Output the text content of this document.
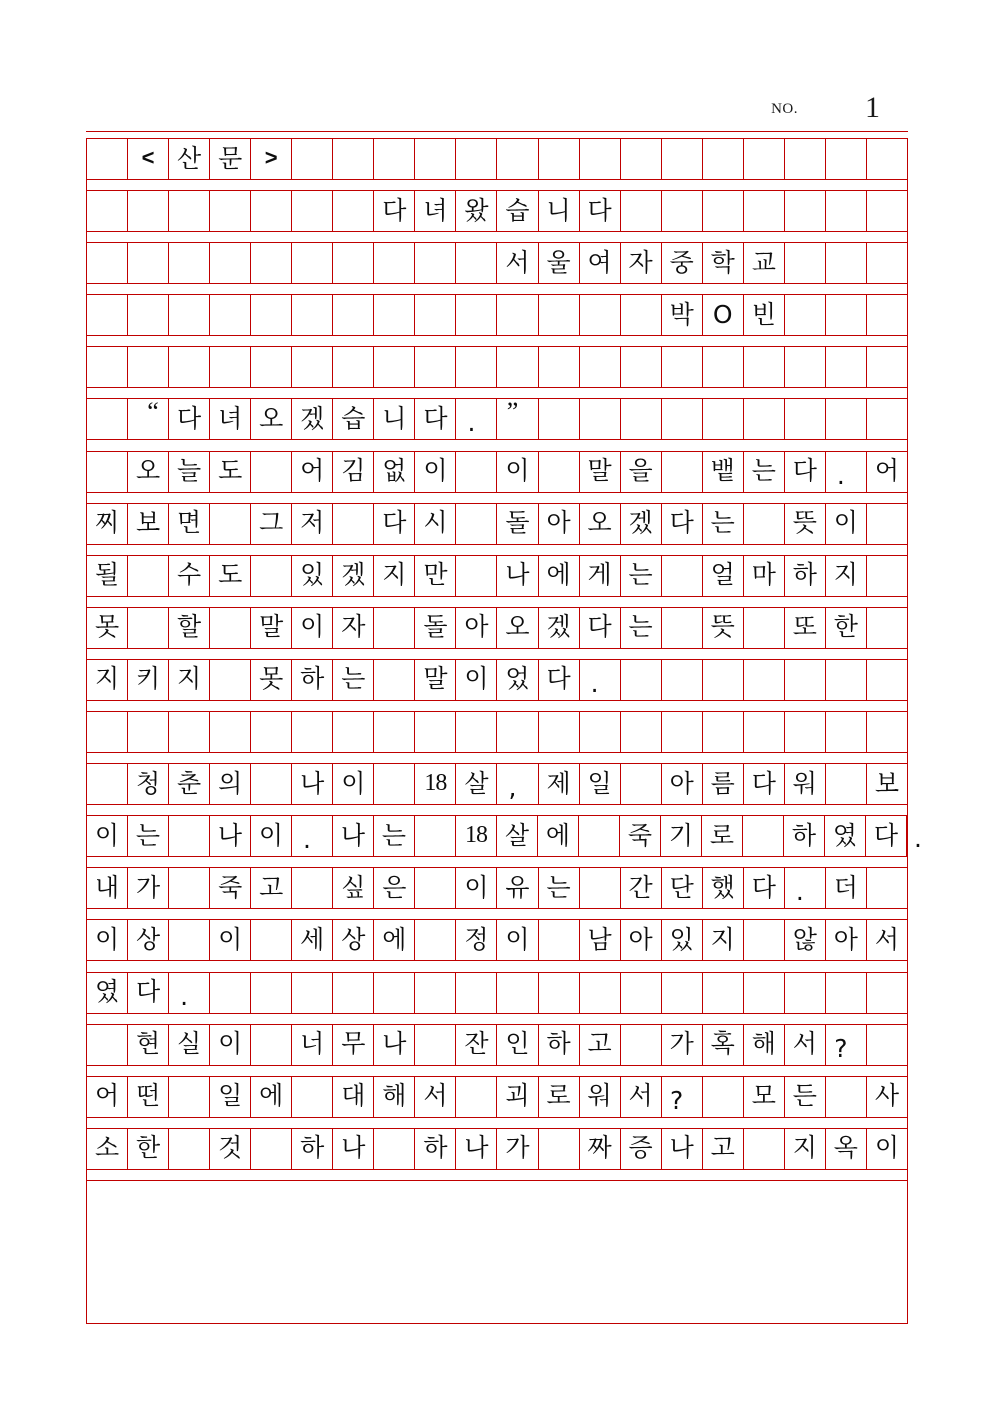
NO. 1
< 산 문 >
다 녀 왔 습 니 다
서 울 여 자 중 학 교
박 O 빈
“ 다 녀 오 겠 습 니 다 . ”
오 늘 도 어 김 없 이 이 말 을 뱉 는 다 . 어
찌 보 면 그 저 다 시 돌 아 오 겠 다 는 뜻 이
될 수 도 있 겠 지 만 나 에 게 는 얼 마 하 지
못 할 말 이 자 돌 아 오 겠 다 는 뜻 또 한
지 키 지 못 하 는 말 이 었 다 .
청 춘 의 나 이 18 살 , 제 일 아 름 다 워 보
이 는 나 이 . 나 는 18 살 에 죽 기 로 하 였 다 .
내 가 죽 고 싶 은 이 유 는 간 단 했 다 . 더
이 상 이 세 상 에 정 이 남 아 있 지 않 아 서
였 다 .
현 실 이 너 무 나 잔 인 하 고 가 혹 해 서 ?
어 떤 일 에 대 해 서 괴 로 워 서 ?	모 든 사
소 한 것 하 나 하 나 가 짜 증 나 고 지 옥 이
